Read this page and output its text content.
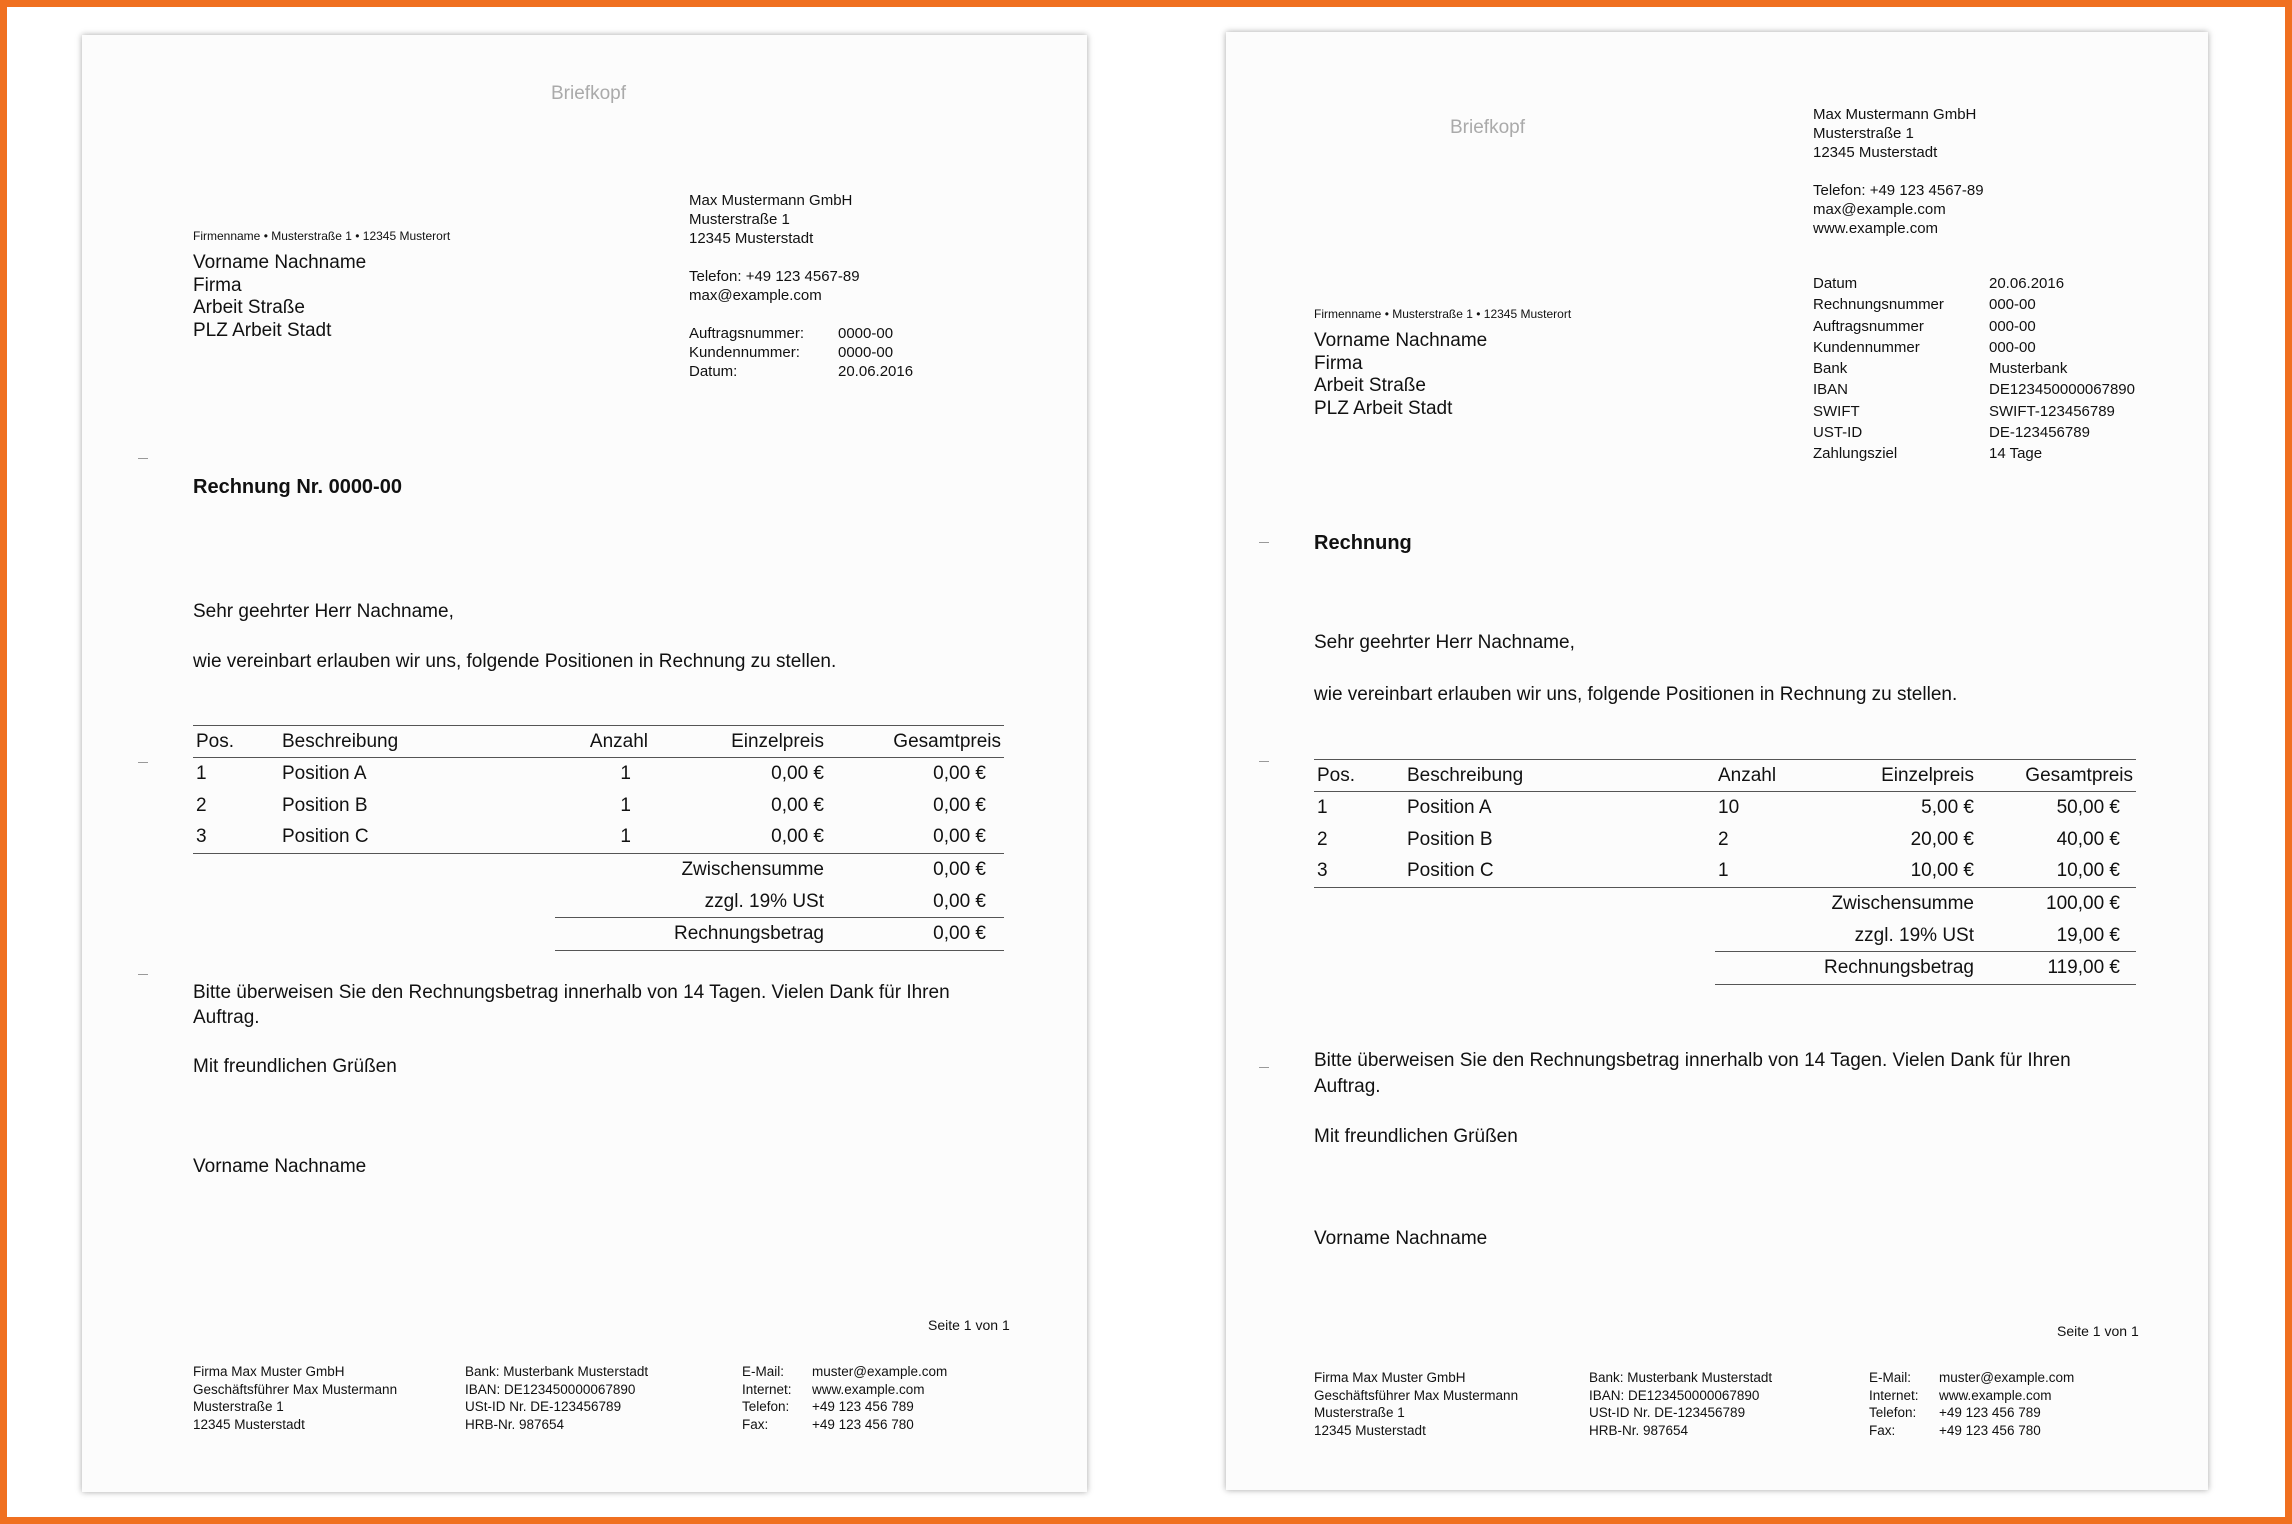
Briefkopf
Max Mustermann GmbH
Musterstraße 1
12345 Musterstadt
Telefon: +49 123 4567-89
max@example.com
Auftragsnummer:	0000-00
Kundennummer:	0000-00
Datum:	20.06.2016
Firmenname • Musterstraße 1 • 12345 Musterort
Vorname Nachname
Firma
Arbeit Straße
PLZ Arbeit Stadt
Rechnung Nr. 0000-00
Sehr geehrter Herr Nachname,
wie vereinbart erlauben wir uns, folgende Positionen in Rechnung zu stellen.
Pos.	Beschreibung	Anzahl	Einzelpreis	Gesamtpreis
1	Position A	1	0,00 €	0,00 €
2	Position B	1	0,00 €	0,00 €
3	Position C	1	0,00 €	0,00 €
		Zwischensumme		0,00 €
		zzgl. 19% USt		0,00 €
		Rechnungsbetrag		0,00 €
Bitte überweisen Sie den Rechnungsbetrag innerhalb von 14 Tagen. Vielen Dank für Ihren
Auftrag.
Mit freundlichen Grüßen
Vorname Nachname
Seite 1 von 1
Firma Max Muster GmbH
Geschäftsführer Max Mustermann
Musterstraße 1
12345 Musterstadt
Bank: Musterbank Musterstadt
IBAN: DE123450000067890
USt-ID Nr. DE-123456789
HRB-Nr. 987654
E-Mail:	muster@example.com
Internet:	www.example.com
Telefon:	+49 123 456 789
Fax:	+49 123 456 780
Briefkopf
Max Mustermann GmbH
Musterstraße 1
12345 Musterstadt
Telefon: +49 123 4567-89
max@example.com
www.example.com
Datum	20.06.2016
Rechnungsnummer	000-00
Auftragsnummer	000-00
Kundennummer	000-00
Bank	Musterbank
IBAN	DE123450000067890
SWIFT	SWIFT-123456789
UST-ID	DE-123456789
Zahlungsziel	14 Tage
Firmenname • Musterstraße 1 • 12345 Musterort
Vorname Nachname
Firma
Arbeit Straße
PLZ Arbeit Stadt
Rechnung
Sehr geehrter Herr Nachname,
wie vereinbart erlauben wir uns, folgende Positionen in Rechnung zu stellen.
Pos.	Beschreibung	Anzahl	Einzelpreis	Gesamtpreis
1	Position A	10	5,00 €	50,00 €
2	Position B	2	20,00 €	40,00 €
3	Position C	1	10,00 €	10,00 €
		Zwischensumme		100,00 €
		zzgl. 19% USt		19,00 €
		Rechnungsbetrag		119,00 €
Bitte überweisen Sie den Rechnungsbetrag innerhalb von 14 Tagen. Vielen Dank für Ihren
Auftrag.
Mit freundlichen Grüßen
Vorname Nachname
Seite 1 von 1
Firma Max Muster GmbH
Geschäftsführer Max Mustermann
Musterstraße 1
12345 Musterstadt
Bank: Musterbank Musterstadt
IBAN: DE123450000067890
USt-ID Nr. DE-123456789
HRB-Nr. 987654
E-Mail:	muster@example.com
Internet:	www.example.com
Telefon:	+49 123 456 789
Fax:	+49 123 456 780
